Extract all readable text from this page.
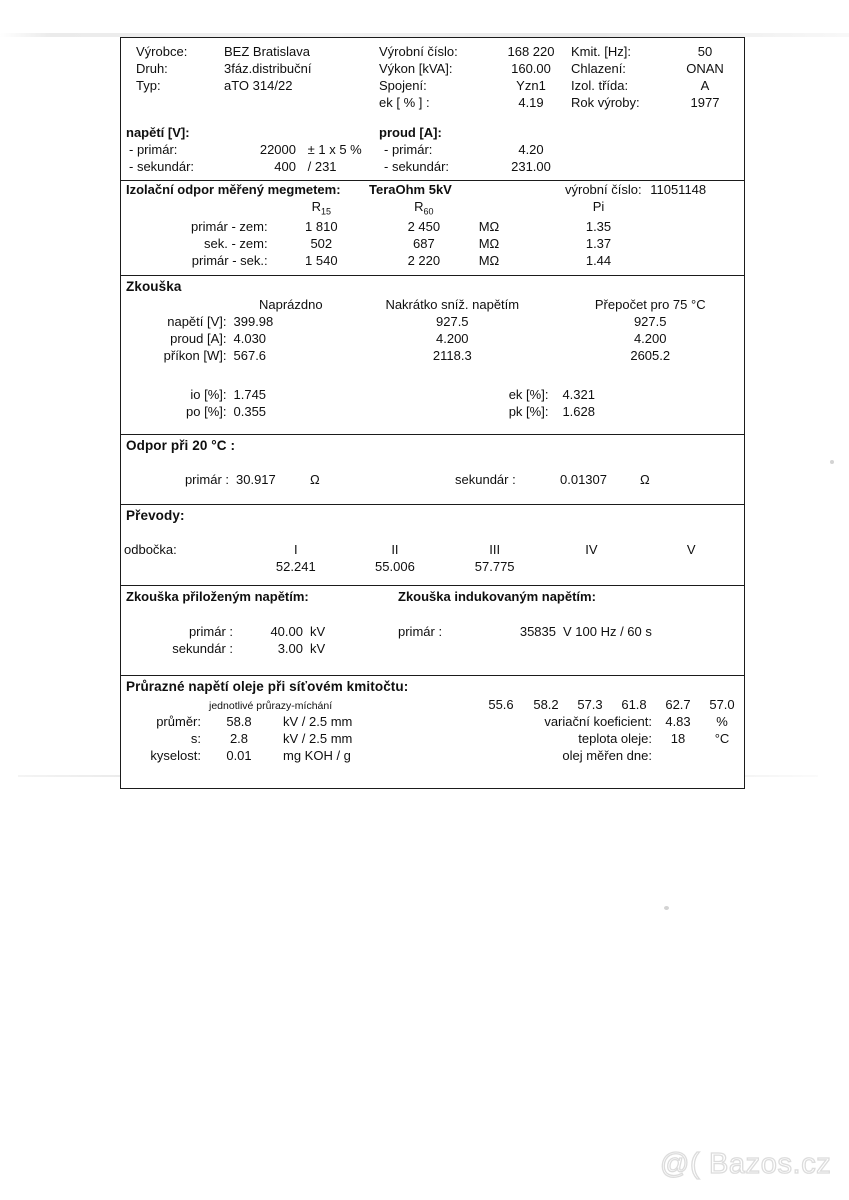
Výrobce:	BEZ Bratislava	Výrobní číslo:	168 220	Kmit. [Hz]:	50
Druh:	3fáz.distribuční	Výkon [kVA]:	160.00	Chlazení:	ONAN
Typ:	aTO 314/22	Spojení:	Yzn1	Izol. třída:	A
		ek [ % ] :	4.19	Rok výroby:	1977

napětí [V]:		proud [A]:			
- primár:	22000 ± 1 x 5 %	- primár:	4.20		
- sekundár:	400 / 231	- sekundár:	231.00		
Izolační odpor měřený megmetem:		TeraOhm 5kV		výrobní číslo: 11051148	
	$R_{15}$	$R_{60}$		Pi	
primár - zem:	1 810	2 450	MΩ	1.35	
sek. - zem:	502	687	MΩ	1.37	
primár - sek.:	1 540	2 220	MΩ	1.44	

Zkouška
	Naprázdno	Nakrátko sníž. napětím	Přepočet pro 75 °C
napětí [V]:	399.98	927.5	927.5
proud [A]:	4.030	4.200	4.200
příkon [W]:	567.6	2118.3	2605.2

io [%]:	1.745	ek [%]:	4.321
po [%]:	0.355	pk [%]:	1.628

Odpor při 20 °C :

primár :	30.917	Ω	sekundár :	0.01307	Ω

Převody:

odbočka:	I	II	III	IV	V
	52.241	55.006	57.775		

Zkouška přiloženým napětím:			Zkouška indukovaným napětím:		

primár :	40.00	kV	primár :	35835	V 100 Hz / 60 s
sekundár :	3.00	kV			

Průrazné napětí oleje při síťovém kmitočtu:
	jednotlivé průrazy-míchání		55.6	58.2	57.3	61.8	62.7	57.0	
průměr:	58.8	kV / 2.5 mm	variační koeficient:				4.83	%	
s:	2.8	kV / 2.5 mm	teplota oleje:				18	°C	
kyselost:	0.01	mg KOH / g	olej měřen dne:						

@( Bazos.cz
